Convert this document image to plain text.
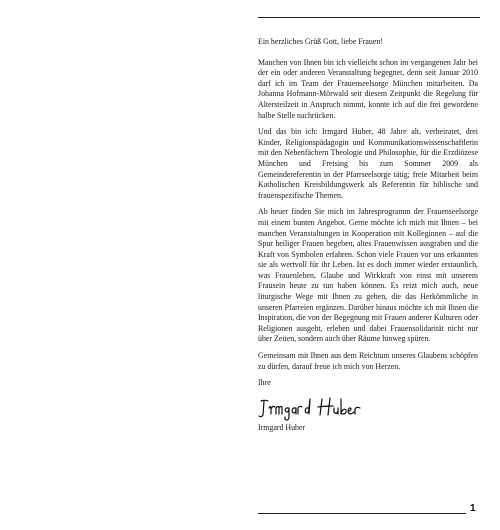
Ein herzliches Grüß Gott, liebe Frauen!

Manchen von Ihnen bin ich vielleicht schon im vergangenen Jahr bei der ein oder anderen Veranstaltung begegnet, denn seit Januar 2010 darf ich im Team der Frauenseelsorge München mitarbeiten. Da Johanna Hofmann-Mörwald seit diesem Zeitpunkt die Regelung für Altersteilzeit in Anspruch nimmt, konnte ich auf die frei gewordene halbe Stelle nachrücken.

Und das bin ich: Irmgard Huber, 48 Jahre alt, verheiratet, drei Kinder, Religionspädagogin und Kommunikationswissenschaftlerin mit den Nebenfächern Theologie und Philosophie, für die Erzdiözese München und Freising bis zum Sommer 2009 als Gemeindereferentin in der Pfarrseelsorge tätig; freie Mitarbeit beim Katholischen Kreisbildungswerk als Referentin für biblische und frauenspezifische Themen.

Ab heuer finden Sie mich im Jahresprogramm der Frauenseelsorge mit einem bunten Angebot. Gerne möchte ich mich mit Ihnen – bei manchen Veranstaltungen in Kooperation mit Kolleginnen – auf die Spur heiliger Frauen begeben, altes Frauenwissen ausgraben und die Kraft von Symbolen erfahren. Schon viele Frauen vor uns erkannten sie als wertvoll für ihr Leben. Ist es doch immer wieder erstaunlich, was Frauenleben, Glaube und Wirkkraft von einst mit unserem Frausein heute zu tun haben können. Es reizt mich auch, neue liturgische Wege mit Ihnen zu gehen, die das Herkömmliche in unseren Pfarreien ergänzen. Darüber hinaus möchte ich mit Ihnen die Inspiration, die von der Begegnung mit Frauen anderer Kulturen oder Religionen ausgeht, erleben und dabei Frauensolidarität nicht nur über Zeiten, sondern auch über Räume hinweg spüren.

Gemeinsam mit Ihnen aus dem Reichtum unseres Glaubens schöpfen zu dürfen, darauf freue ich mich von Herzen.

Ihre

Irmgard Huber

1
